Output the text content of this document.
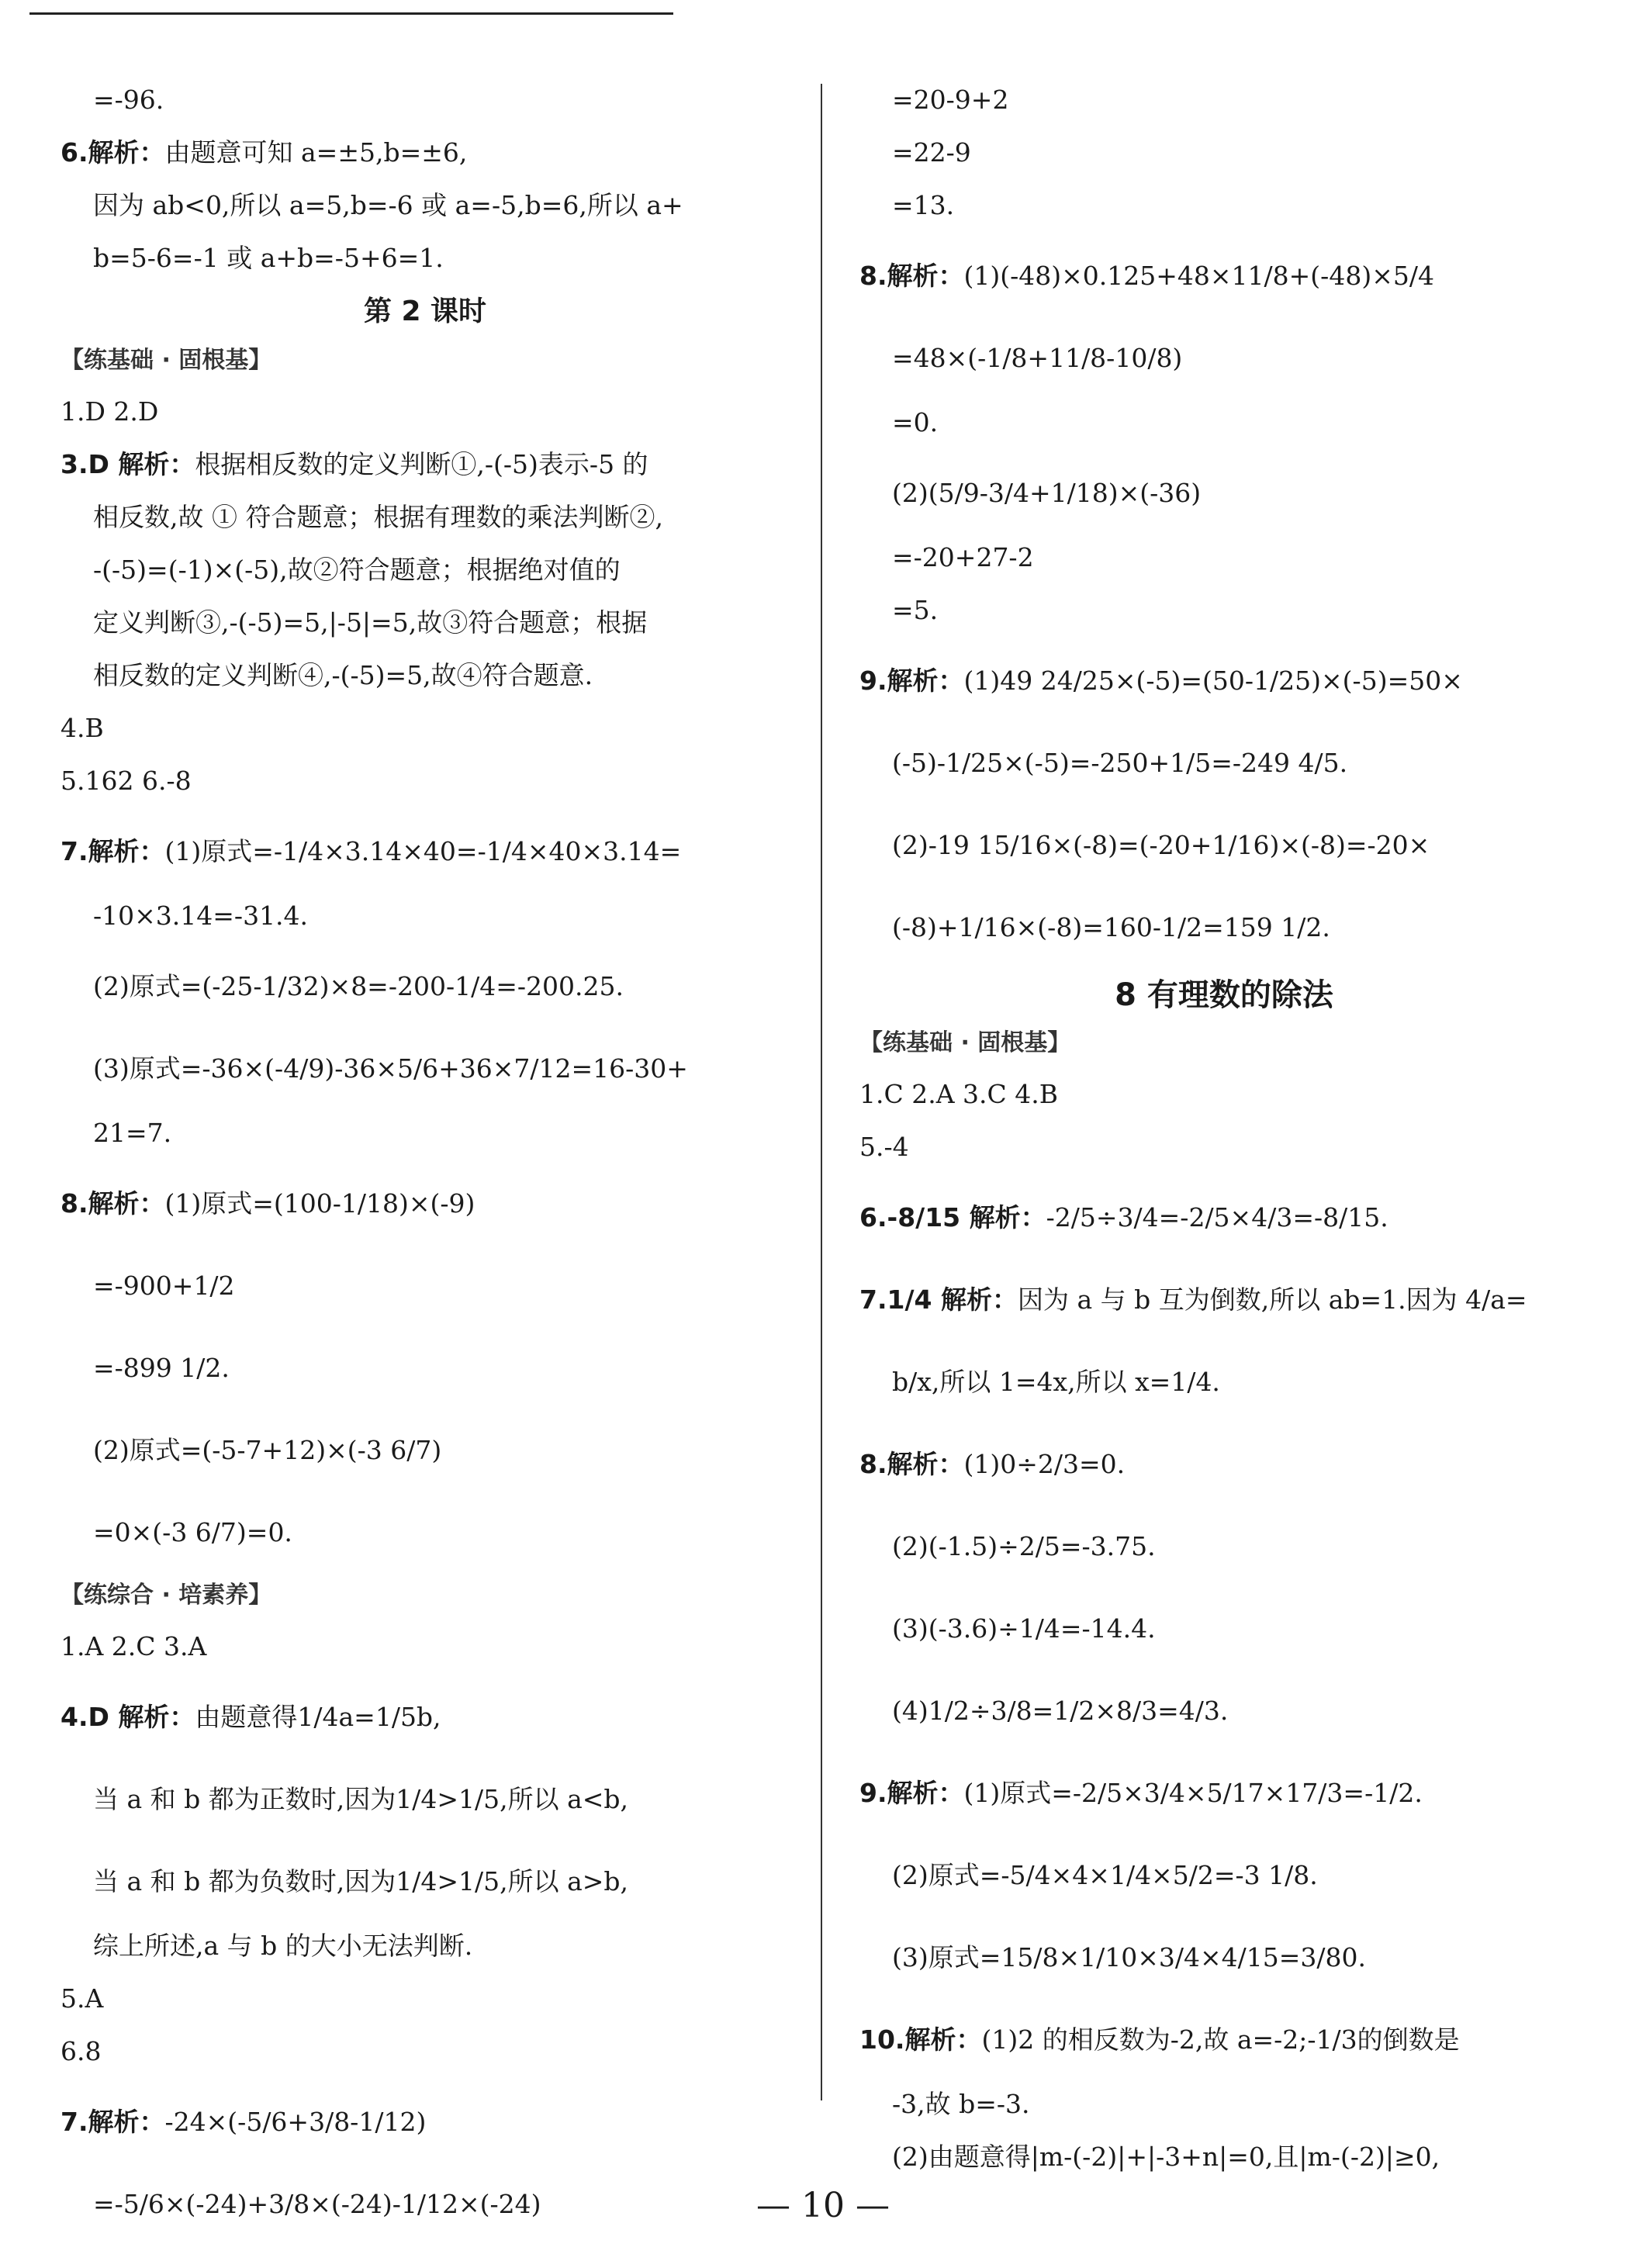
=-96.
6.解析：由题意可知 a=±5,b=±6,
因为 ab<0,所以 a=5,b=-6 或 a=-5,b=6,所以 a+
b=5-6=-1 或 a+b=-5+6=1.
第 2 课时
【练基础 · 固根基】
1.D 2.D
3.D 解析：根据相反数的定义判断①,-(-5)表示-5 的
相反数,故 ① 符合题意；根据有理数的乘法判断②,
-(-5)=(-1)×(-5),故②符合题意；根据绝对值的
定义判断③,-(-5)=5,|-5|=5,故③符合题意；根据
相反数的定义判断④,-(-5)=5,故④符合题意.
4.B
5.162 6.-8
7.解析：(1)原式=-1/4×3.14×40=-1/4×40×3.14=
-10×3.14=-31.4.
(2)原式=(-25-1/32)×8=-200-1/4=-200.25.
(3)原式=-36×(-4/9)-36×5/6+36×7/12=16-30+
21=7.
8.解析：(1)原式=(100-1/18)×(-9)
=-900+1/2
=-899 1/2.
(2)原式=(-5-7+12)×(-3 6/7)
=0×(-3 6/7)=0.
【练综合 · 培素养】
1.A 2.C 3.A
4.D 解析：由题意得1/4a=1/5b,
当 a 和 b 都为正数时,因为1/4>1/5,所以 a<b,
当 a 和 b 都为负数时,因为1/4>1/5,所以 a>b,
综上所述,a 与 b 的大小无法判断.
5.A
6.8
7.解析：-24×(-5/6+3/8-1/12)
=-5/6×(-24)+3/8×(-24)-1/12×(-24)
=20-9+2
=22-9
=13.
8.解析：(1)(-48)×0.125+48×11/8+(-48)×5/4
=48×(-1/8+11/8-10/8)
=0.
(2)(5/9-3/4+1/18)×(-36)
=-20+27-2
=5.
9.解析：(1)49 24/25×(-5)=(50-1/25)×(-5)=50×
(-5)-1/25×(-5)=-250+1/5=-249 4/5.
(2)-19 15/16×(-8)=(-20+1/16)×(-8)=-20×
(-8)+1/16×(-8)=160-1/2=159 1/2.
8 有理数的除法
【练基础 · 固根基】
1.C 2.A 3.C 4.B
5.-4
6.-8/15 解析：-2/5÷3/4=-2/5×4/3=-8/15.
7.1/4 解析：因为 a 与 b 互为倒数,所以 ab=1.因为 4/a=
b/x,所以 1=4x,所以 x=1/4.
8.解析：(1)0÷2/3=0.
(2)(-1.5)÷2/5=-3.75.
(3)(-3.6)÷1/4=-14.4.
(4)1/2÷3/8=1/2×8/3=4/3.
9.解析：(1)原式=-2/5×3/4×5/17×17/3=-1/2.
(2)原式=-5/4×4×1/4×5/2=-3 1/8.
(3)原式=15/8×1/10×3/4×4/15=3/80.
10.解析：(1)2 的相反数为-2,故 a=-2;-1/3的倒数是
-3,故 b=-3.
(2)由题意得|m-(-2)|+|-3+n|=0,且|m-(-2)|≥0,
— 10 —
